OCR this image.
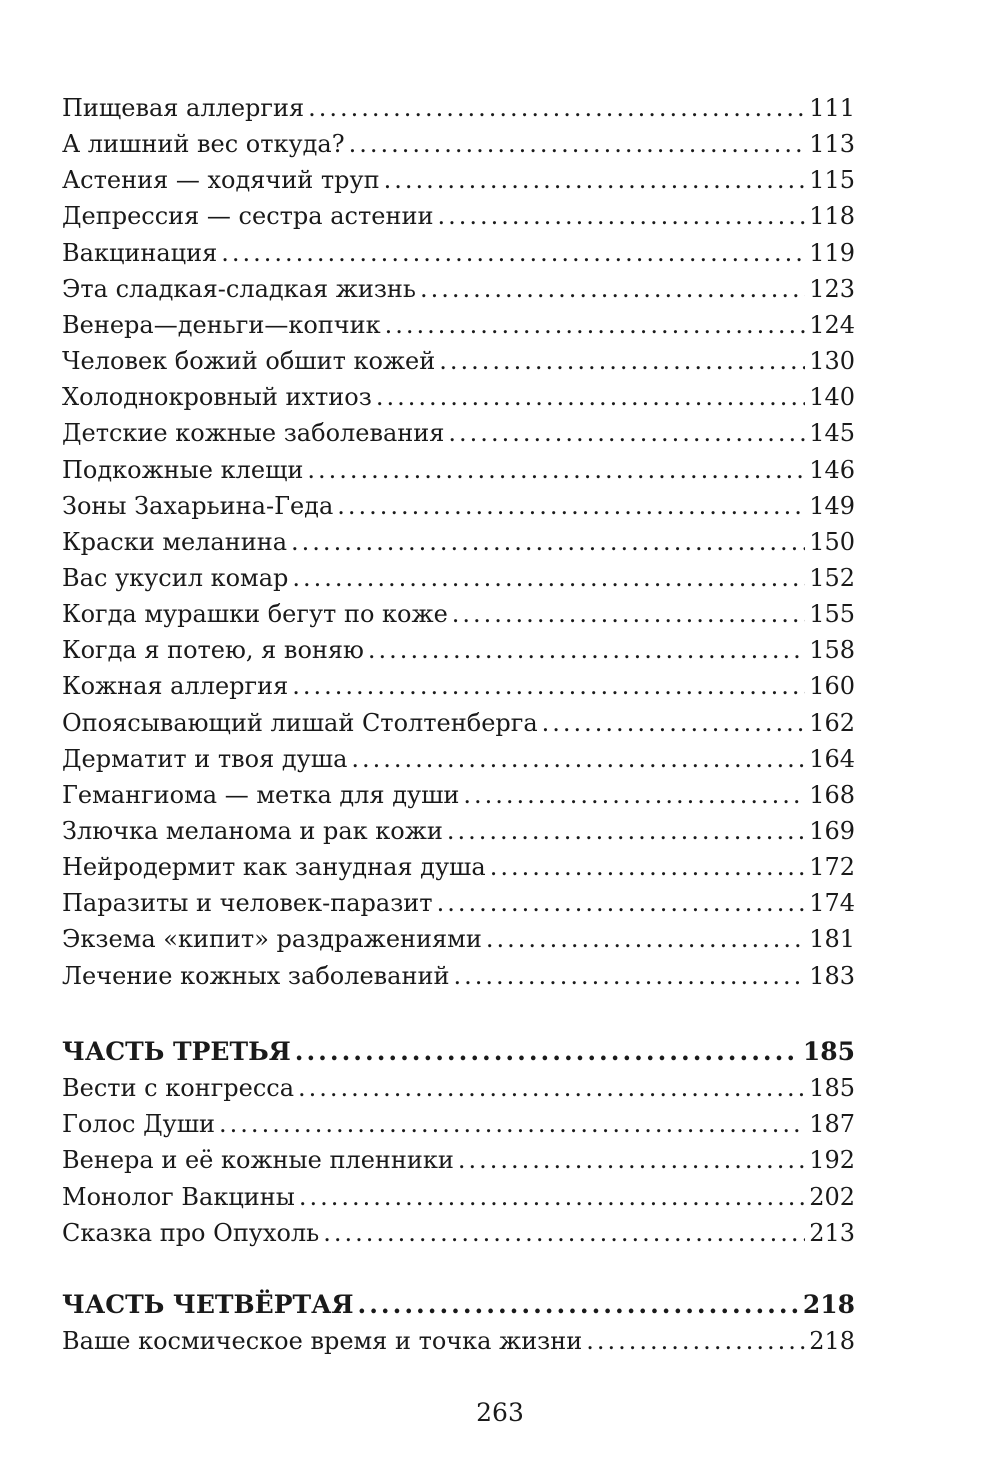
Пищевая аллергия .....	111
А лишний вес откуда? .....	113
Астения — ходячий труп .....	115
Депрессия — сестра астении .....	118
Вакцинация .....	119
Эта сладкая-сладкая жизнь .....	123
Венера—деньги—копчик .....	124
Человек божий обшит кожей .....	130
Холоднокровный ихтиоз .....	140
Детские кожные заболевания .....	145
Подкожные клещи .....	146
Зоны Захарьина-Геда .....	149
Краски меланина .....	150
Вас укусил комар .....	152
Когда мурашки бегут по коже .....	155
Когда я потею, я воняю .....	158
Кожная аллергия .....	160
Опоясывающий лишай Столтенберга .....	162
Дерматит и твоя душа .....	164
Гемангиома — метка для души .....	168
Злючка меланома и рак кожи .....	169
Нейродермит как занудная душа .....	172
Паразиты и человек-паразит .....	174
Экзема «кипит» раздражениями .....	181
Лечение кожных заболеваний .....	183
ЧАСТЬ ТРЕТЬЯ .....	185
Вести с конгресса .....	185
Голос Души .....	187
Венера и её кожные пленники .....	192
Монолог Вакцины .....	202
Сказка про Опухоль .....	213
ЧАСТЬ ЧЕТВЁРТАЯ .....	218
Ваше космическое время и точка жизни .....	218
263
